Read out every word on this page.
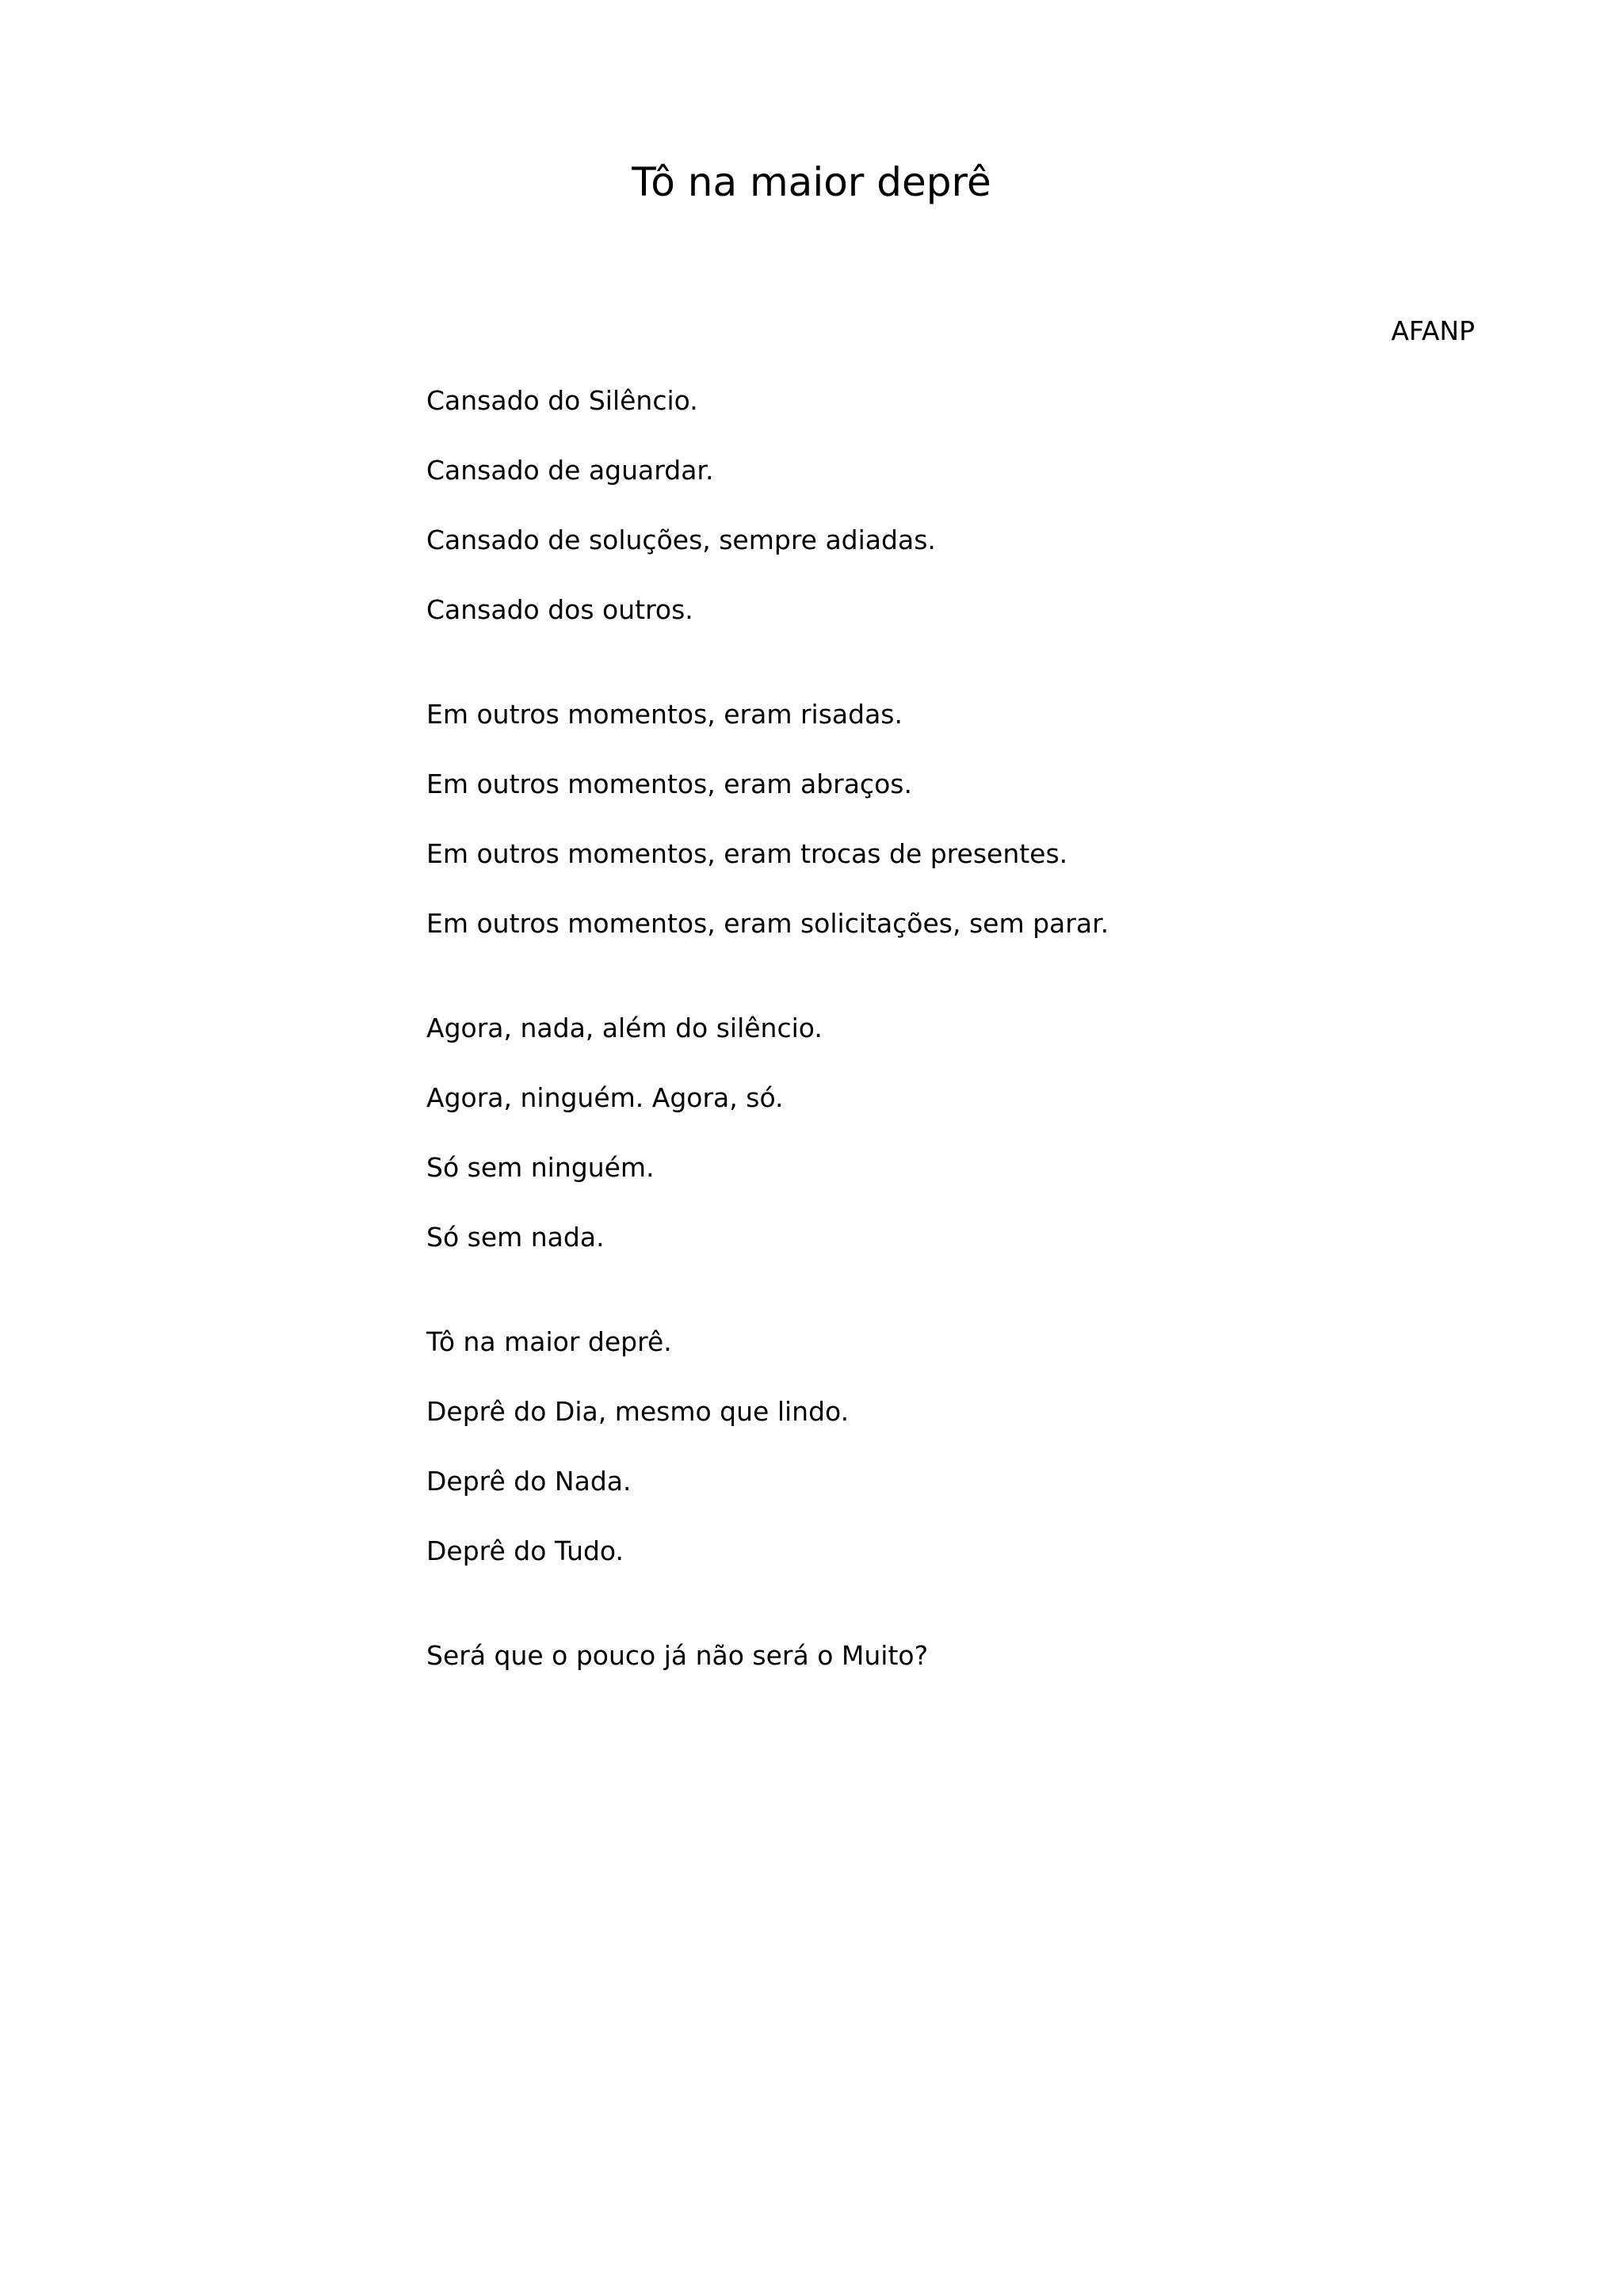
Tô na maior deprê
AFANP
Cansado do Silêncio.
Cansado de aguardar.
Cansado de soluções, sempre adiadas.
Cansado dos outros.
Em outros momentos, eram risadas.
Em outros momentos, eram abraços.
Em outros momentos, eram trocas de presentes.
Em outros momentos, eram solicitações, sem parar.
Agora, nada, além do silêncio.
Agora, ninguém. Agora, só.
Só sem ninguém.
Só sem nada.
Tô na maior deprê.
Deprê do Dia, mesmo que lindo.
Deprê do Nada.
Deprê do Tudo.
Será que o pouco já não será o Muito?
